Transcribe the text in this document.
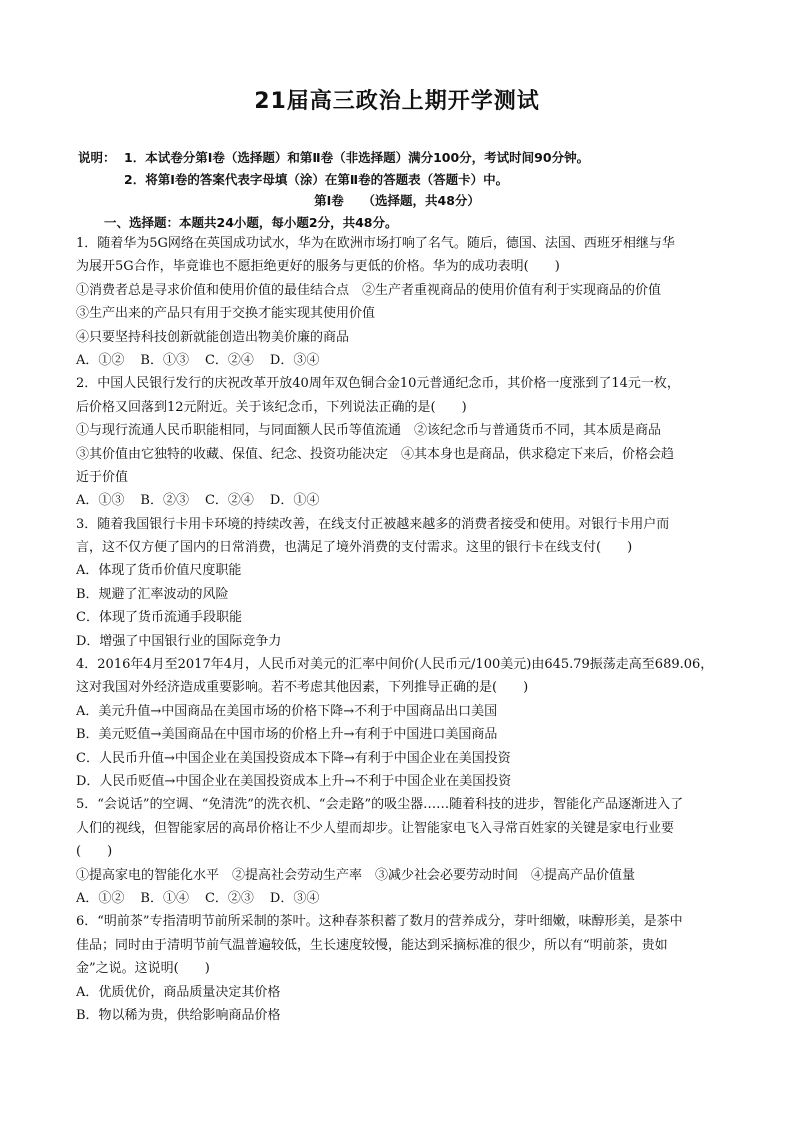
21届高三政治上期开学测试
说明： 1．本试卷分第Ⅰ卷（选择题）和第Ⅱ卷（非选择题）满分100分，考试时间90分钟。
2．将第Ⅰ卷的答案代表字母填（涂）在第Ⅱ卷的答题表（答题卡）中。
第Ⅰ卷　　（选择题，共48分）
一、选择题：本题共24小题，每小题2分，共48分。
1．随着华为5G网络在英国成功试水，华为在欧洲市场打响了名气。随后，德国、法国、西班牙相继与华
为展开5G合作，毕竟谁也不愿拒绝更好的服务与更低的价格。华为的成功表明(　　)
①消费者总是寻求价值和使用价值的最佳结合点　②生产者重视商品的使用价值有利于实现商品的价值
③生产出来的产品只有用于交换才能实现其使用价值
④只要坚持科技创新就能创造出物美价廉的商品
A．①② B．①③ C．②④ D．③④
2．中国人民银行发行的庆祝改革开放40周年双色铜合金10元普通纪念币，其价格一度涨到了14元一枚，
后价格又回落到12元附近。关于该纪念币，下列说法正确的是(　　)
①与现行流通人民币职能相同，与同面额人民币等值流通　②该纪念币与普通货币不同，其本质是商品
③其价值由它独特的收藏、保值、纪念、投资功能决定　④其本身也是商品，供求稳定下来后，价格会趋
近于价值
A．①③ B．②③ C．②④ D．①④
3．随着我国银行卡用卡环境的持续改善，在线支付正被越来越多的消费者接受和使用。对银行卡用户而
言，这不仅方便了国内的日常消费，也满足了境外消费的支付需求。这里的银行卡在线支付(　　)
A．体现了货币价值尺度职能
B．规避了汇率波动的风险
C．体现了货币流通手段职能
D．增强了中国银行业的国际竞争力
4．2016年4月至2017年4月，人民币对美元的汇率中间价(人民币元/100美元)由645.79振荡走高至689.06，
这对我国对外经济造成重要影响。若不考虑其他因素，下列推导正确的是(　　)
A．美元升值→中国商品在美国市场的价格下降→不利于中国商品出口美国
B．美元贬值→美国商品在中国市场的价格上升→有利于中国进口美国商品
C．人民币升值→中国企业在美国投资成本下降→有利于中国企业在美国投资
D．人民币贬值→中国企业在美国投资成本上升→不利于中国企业在美国投资
5．“会说话”的空调、“免清洗”的洗衣机、“会走路”的吸尘器……随着科技的进步，智能化产品逐渐进入了
人们的视线，但智能家居的高昂价格让不少人望而却步。让智能家电飞入寻常百姓家的关键是家电行业要
(　　)
①提高家电的智能化水平　②提高社会劳动生产率　③减少社会必要劳动时间　④提高产品价值量
A．①② B．①④ C．②③ D．③④
6．“明前茶”专指清明节前所采制的茶叶。这种春茶积蓄了数月的营养成分，芽叶细嫩，味醇形美，是茶中
佳品；同时由于清明节前气温普遍较低，生长速度较慢，能达到采摘标准的很少，所以有“明前茶，贵如
金”之说。这说明(　　)
A．优质优价，商品质量决定其价格
B．物以稀为贵，供给影响商品价格
